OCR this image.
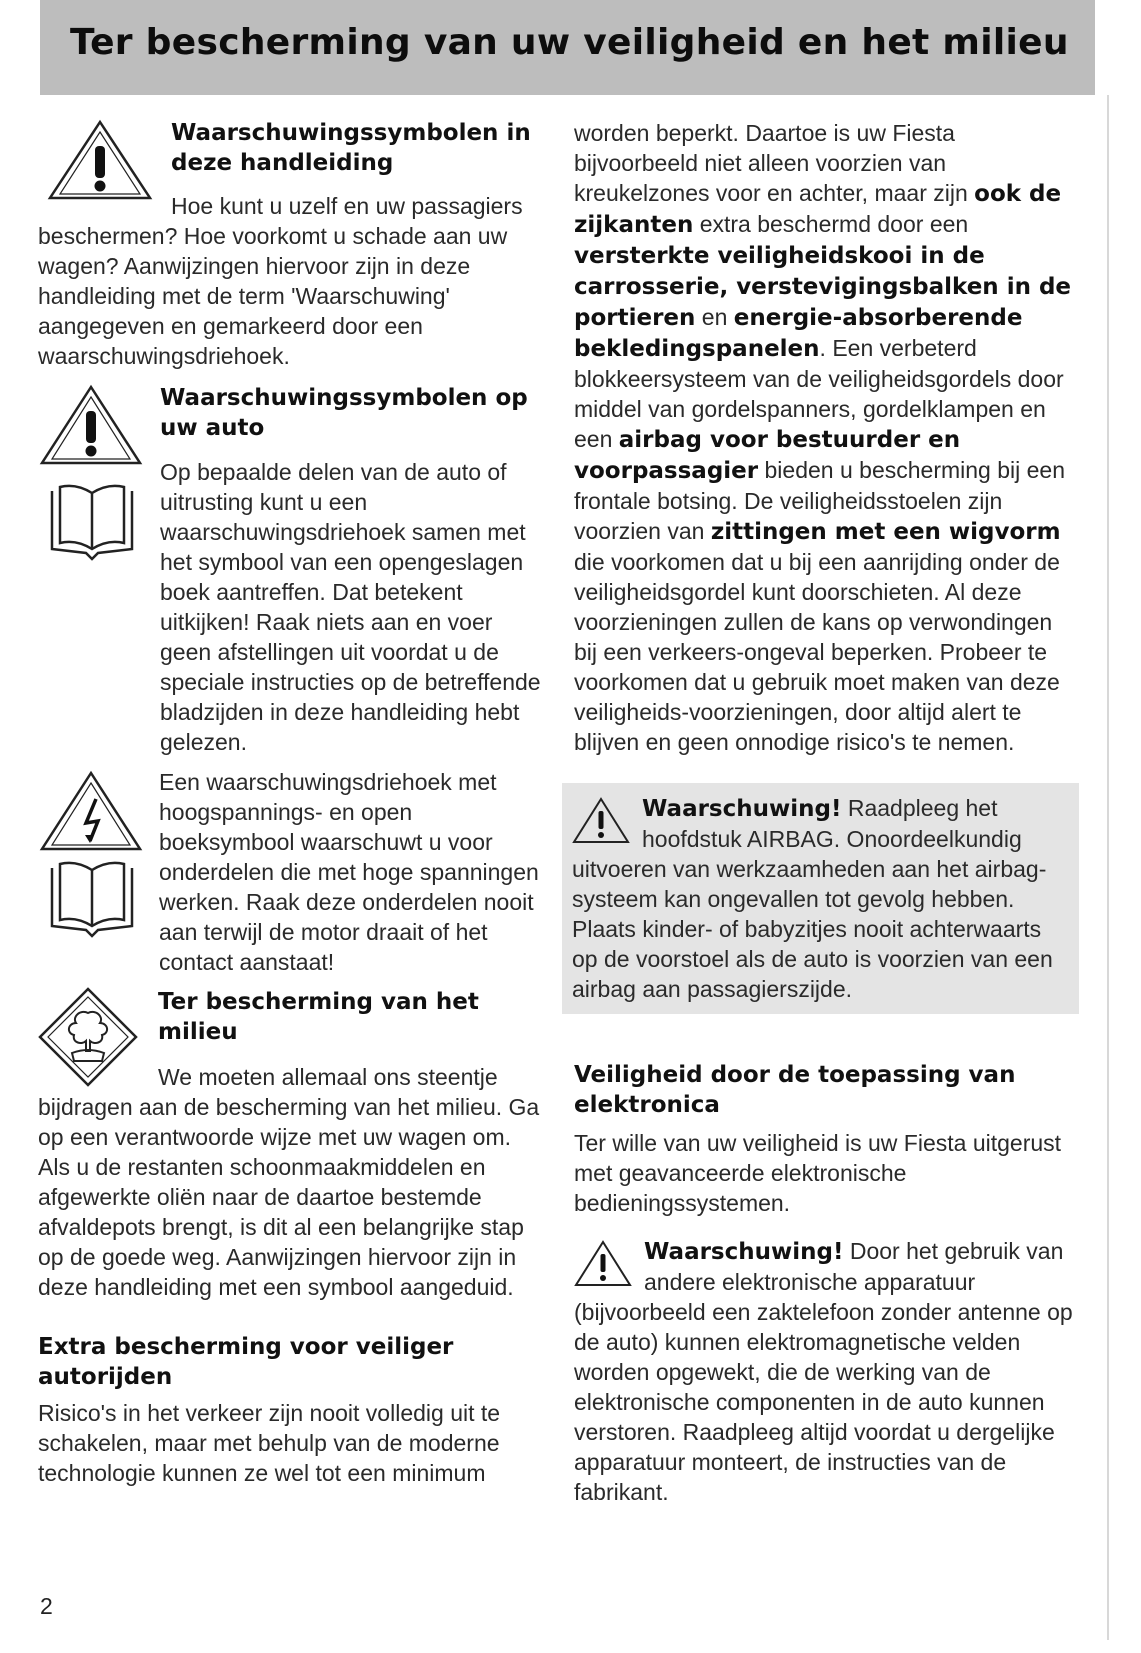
Ter bescherming van uw veiligheid en het milieu
Waarschuwingssymbolen in deze handleiding

Hoe kunt u uzelf en uw passagiers

beschermen? Hoe voorkomt u schade aan uw wagen? Aanwijzingen hiervoor zijn in deze handleiding met de term 'Waarschuwing' aangegeven en gemarkeerd door een waarschuwingsdriehoek.

Waarschuwingssymbolen op uw auto

Op bepaalde delen van de auto of uitrusting kunt u een waarschuwingsdriehoek samen met het symbool van een opengeslagen boek aantreffen. Dat betekent uitkijken! Raak niets aan en voer geen afstellingen uit voordat u de speciale instructies op de betreffende bladzijden in deze handleiding hebt gelezen.

Een waarschuwingsdriehoek met hoogspannings- en open boeksymbool waarschuwt u voor onderdelen die met hoge spanningen werken. Raak deze onderdelen nooit aan terwijl de motor draait of het contact aanstaat!

Ter bescherming van het milieu

We moeten allemaal ons steentje

bijdragen aan de bescherming van het milieu. Ga op een verantwoorde wijze met uw wagen om. Als u de restanten schoonmaakmiddelen en afgewerkte oliën naar de daartoe bestemde afvaldepots brengt, is dit al een belangrijke stap op de goede weg. Aanwijzingen hiervoor zijn in deze handleiding met een symbool aangeduid.

Extra bescherming voor veiliger autorijden

Risico's in het verkeer zijn nooit volledig uit te schakelen, maar met behulp van de moderne technologie kunnen ze wel tot een minimum

worden beperkt. Daartoe is uw Fiesta bijvoorbeeld niet alleen voorzien van kreukelzones voor en achter, maar zijn ook de zijkanten extra beschermd door een versterkte veiligheidskooi in de carrosserie, verstevigingsbalken in de portieren en energie-absorberende bekledingspanelen. Een verbeterd blokkeersysteem van de veiligheidsgordels door middel van gordelspanners, gordelklampen en een airbag voor bestuurder en voorpassagier bieden u bescherming bij een frontale botsing. De veiligheidsstoelen zijn voorzien van zittingen met een wigvorm die voorkomen dat u bij een aanrijding onder de veiligheidsgordel kunt doorschieten. Al deze voorzieningen zullen de kans op verwondingen bij een verkeers-ongeval beperken. Probeer te voorkomen dat u gebruik moet maken van deze veiligheids-voorzieningen, door altijd alert te blijven en geen onnodige risico's te nemen.

Waarschuwing! Raadpleeg het hoofdstuk AIRBAG. Onoordeelkundig

uitvoeren van werkzaamheden aan het airbag-systeem kan ongevallen tot gevolg hebben. Plaats kinder- of babyzitjes nooit achterwaarts op de voorstoel als de auto is voorzien van een airbag aan passagierszijde.

Veiligheid door de toepassing van elektronica

Ter wille van uw veiligheid is uw Fiesta uitgerust met geavanceerde elektronische bedieningssystemen.

Waarschuwing! Door het gebruik van andere elektronische apparatuur

(bijvoorbeeld een zaktelefoon zonder antenne op de auto) kunnen elektromagnetische velden worden opgewekt, die de werking van de elektronische componenten in de auto kunnen verstoren. Raadpleeg altijd voordat u dergelijke apparatuur monteert, de instructies van de fabrikant.

2
